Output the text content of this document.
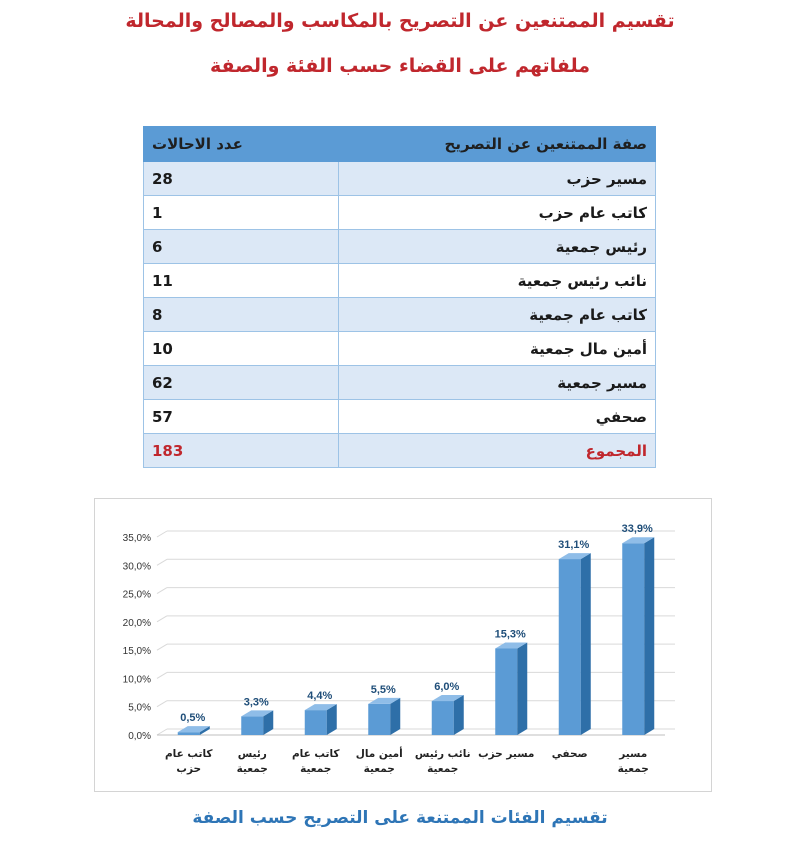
تقسيم الممتنعين عن التصريح بالمكاسب والمصالح والمحالة
ملفاتهم على القضاء حسب الفئة والصفة
صفة الممتنعين عن التصريح	عدد الاحالات
مسير حزب	28
كاتب عام حزب	1
رئيس جمعية	6
نائب رئيس جمعية	11
كاتب عام جمعية	8
أمين مال جمعية	10
مسير جمعية	62
صحفي	57
المجموع	183
0,0%
5,0%
10,0%
15,0%
20,0%
25,0%
30,0%
35,0%
0,5%
كاتب عام
حزب
3,3%
رئيس
جمعية
4,4%
كاتب عام
جمعية
5,5%
أمين مال
جمعية
6,0%
نائب رئيس
جمعية
15,3%
مسير حزب
31,1%
صحفي
33,9%
مسير
جمعية

تقسيم الفئات الممتنعة على التصريح حسب الصفة
